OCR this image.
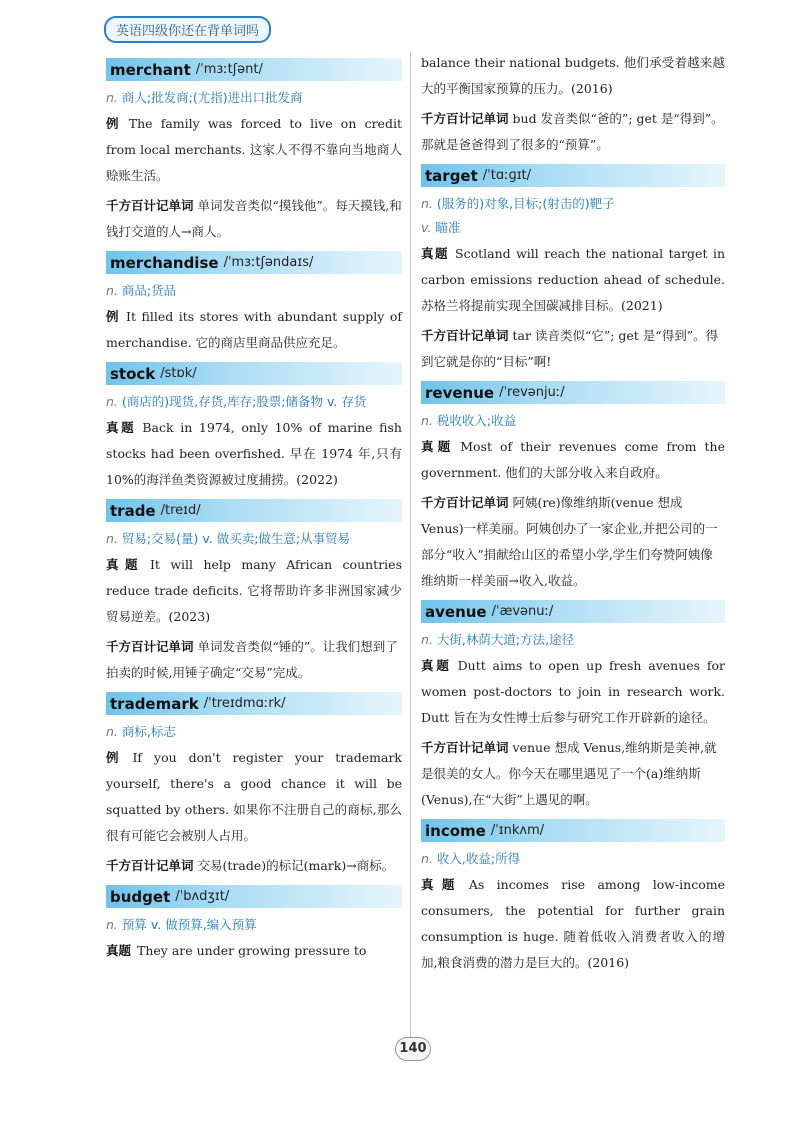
英语四级你还在背单词吗
merchant /ˈmɜːtʃənt/
n. 商人;批发商;(尤指)进出口批发商
例 The family was forced to live on credit from local merchants. 这家人不得不靠向当地商人赊账生活。
千方百计记单词 单词发音类似“摸钱他”。每天摸钱,和钱打交道的人→商人。
merchandise /ˈmɜːtʃəndaɪs/
n. 商品;货品
例 It filled its stores with abundant supply of merchandise. 它的商店里商品供应充足。
stock /stɒk/
n. (商店的)现货,存货,库存;股票;储备物 v. 存货
真题 Back in 1974, only 10% of marine fish stocks had been overfished. 早在 1974 年,只有 10%的海洋鱼类资源被过度捕捞。(2022)
trade /treɪd/
n. 贸易;交易(量) v. 做买卖;做生意;从事贸易
真题 It will help many African countries reduce trade deficits. 它将帮助许多非洲国家减少贸易逆差。(2023)
千方百计记单词 单词发音类似“锤的”。让我们想到了拍卖的时候,用锤子确定“交易”完成。
trademark /ˈtreɪdmɑːrk/
n. 商标,标志
例 If you don't register your trademark yourself, there's a good chance it will be squatted by others. 如果你不注册自己的商标,那么很有可能它会被别人占用。
千方百计记单词 交易(trade)的标记(mark)→商标。
budget /ˈbʌdʒɪt/
n. 预算 v. 做预算,编入预算
真题 They are under growing pressure to
balance their national budgets. 他们承受着越来越大的平衡国家预算的压力。(2016)
千方百计记单词 bud 发音类似“爸的”; get 是“得到”。那就是爸爸得到了很多的“预算”。
target /ˈtɑːɡɪt/
n. (服务的)对象,目标;(射击的)靶子
v. 瞄准
真题 Scotland will reach the national target in carbon emissions reduction ahead of schedule. 苏格兰将提前实现全国碳减排目标。(2021)
千方百计记单词 tar 读音类似“它”; get 是“得到”。得到它就是你的“目标”啊!
revenue /ˈrevənjuː/
n. 税收收入;收益
真题 Most of their revenues come from the government. 他们的大部分收入来自政府。
千方百计记单词 阿姨(re)像维纳斯(venue 想成 Venus)一样美丽。阿姨创办了一家企业,并把公司的一部分“收入”捐献给山区的希望小学,学生们夸赞阿姨像维纳斯一样美丽→收入,收益。
avenue /ˈævənuː/
n. 大街,林荫大道;方法,途径
真题 Dutt aims to open up fresh avenues for women post-doctors to join in research work. Dutt 旨在为女性博士后参与研究工作开辟新的途径。
千方百计记单词 venue 想成 Venus,维纳斯是美神,就是很美的女人。你今天在哪里遇见了一个(a)维纳斯(Venus),在“大街”上遇见的啊。
income /ˈɪnkʌm/
n. 收入,收益;所得
真题 As incomes rise among low-income consumers, the potential for further grain consumption is huge. 随着低收入消费者收入的增加,粮食消费的潜力是巨大的。(2016)
140
